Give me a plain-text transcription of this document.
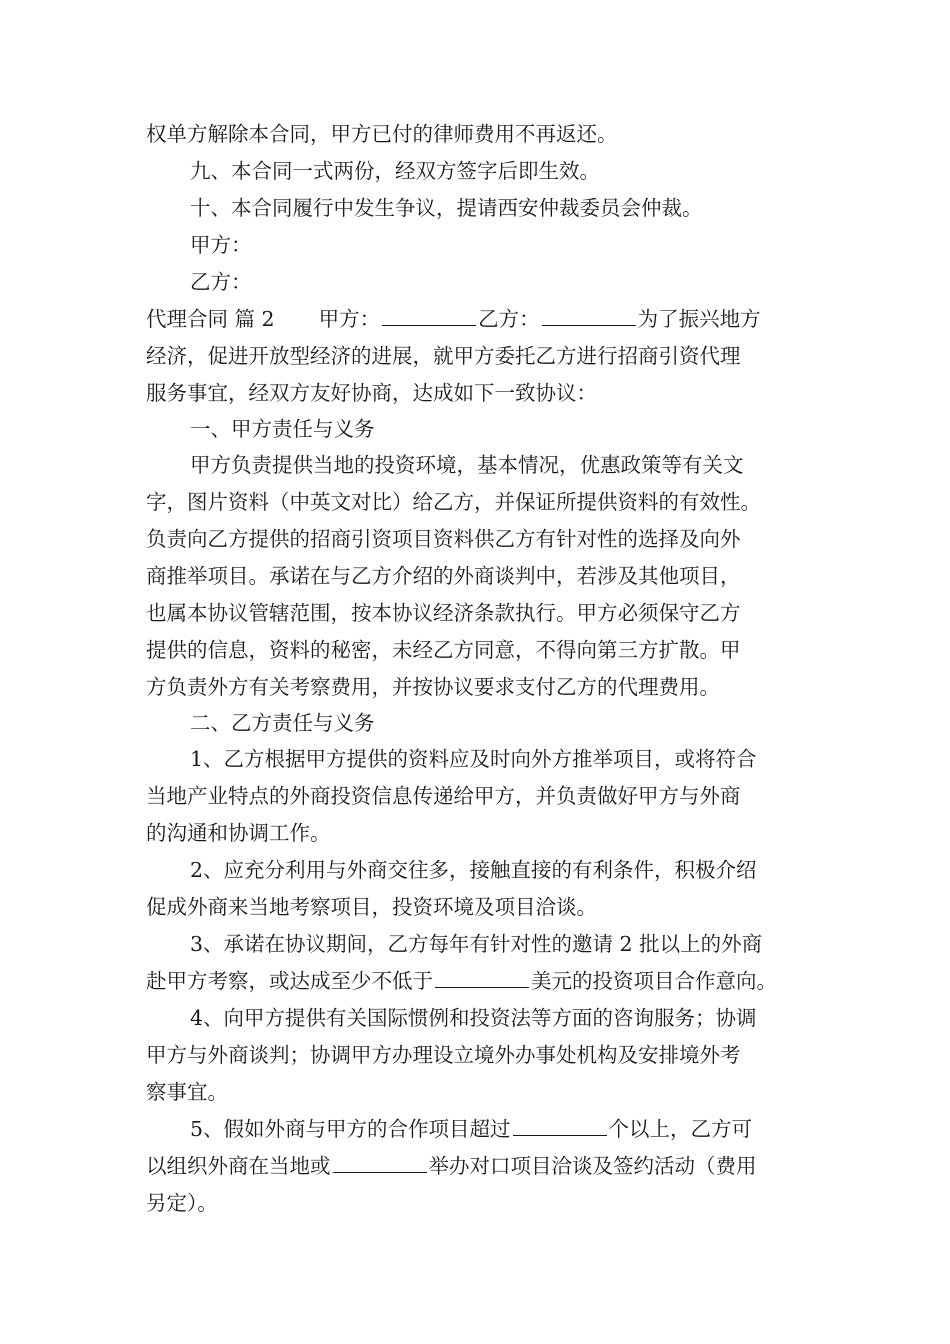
权单方解除本合同，甲方已付的律师费用不再返还。
九、本合同一式两份，经双方签字后即生效。
十、本合同履行中发生争议，提请西安仲裁委员会仲裁。
甲方：
乙方：
代理合同 篇 2 甲方：	乙方：	为了振兴地方
经济，促进开放型经济的进展，就甲方委托乙方进行招商引资代理
服务事宜，经双方友好协商，达成如下一致协议：
一、甲方责任与义务
甲方负责提供当地的投资环境，基本情况，优惠政策等有关文
字，图片资料（中英文对比）给乙方，并保证所提供资料的有效性。
负责向乙方提供的招商引资项目资料供乙方有针对性的选择及向外
商推举项目。承诺在与乙方介绍的外商谈判中，若涉及其他项目，
也属本协议管辖范围，按本协议经济条款执行。甲方必须保守乙方
提供的信息，资料的秘密，未经乙方同意，不得向第三方扩散。甲
方负责外方有关考察费用，并按协议要求支付乙方的代理费用。
二、乙方责任与义务
1、乙方根据甲方提供的资料应及时向外方推举项目，或将符合
当地产业特点的外商投资信息传递给甲方，并负责做好甲方与外商
的沟通和协调工作。
2、应充分利用与外商交往多，接触直接的有利条件，积极介绍
促成外商来当地考察项目，投资环境及项目洽谈。
3、承诺在协议期间，乙方每年有针对性的邀请 2 批以上的外商
赴甲方考察，或达成至少不低于	美元的投资项目合作意向。
4、向甲方提供有关国际惯例和投资法等方面的咨询服务；协调
甲方与外商谈判；协调甲方办理设立境外办事处机构及安排境外考
察事宜。
5、假如外商与甲方的合作项目超过	个以上，乙方可
以组织外商在当地或	举办对口项目洽谈及签约活动（费用
另定）。
